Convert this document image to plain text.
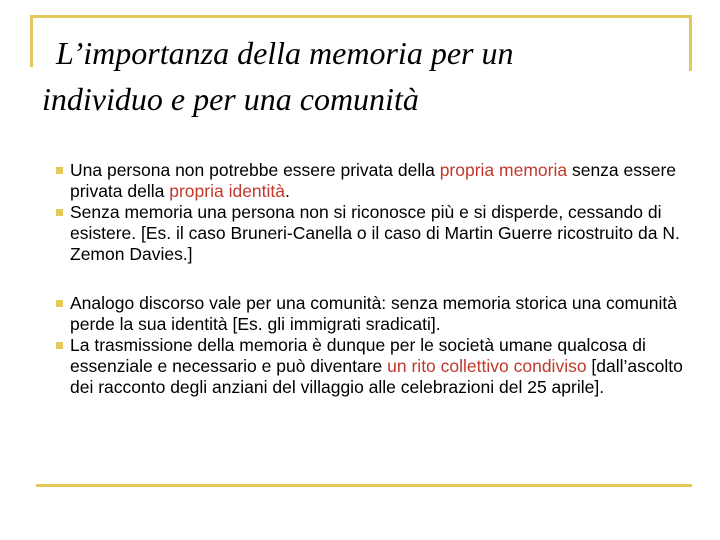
L’importanza della memoria per un
individuo e per una comunità
Una persona non potrebbe essere privata della propria memoria senza essere privata della propria identità.
Senza memoria una persona non si riconosce più e si disperde, cessando di esistere. [Es. il caso Bruneri-Canella o il caso di Martin Guerre ricostruito da N. Zemon Davies.]
Analogo discorso vale per una comunità: senza memoria storica una comunità perde la sua identità [Es. gli immigrati sradicati].
La trasmissione della memoria è dunque per le società umane qualcosa di essenziale e necessario e può diventare un rito collettivo condiviso [dall’ascolto dei racconto degli anziani del villaggio alle celebrazioni del 25 aprile].
